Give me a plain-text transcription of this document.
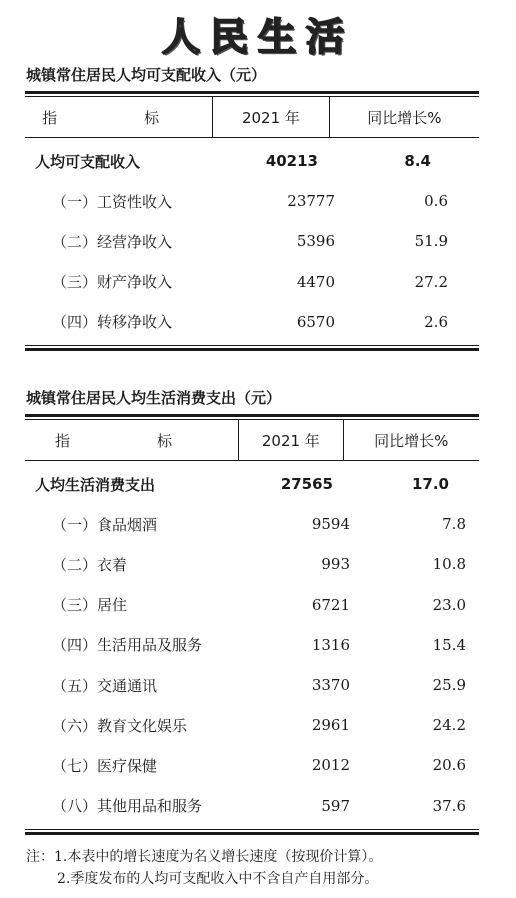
人民生活
城镇常住居民人均可支配收入（元）
指　标	2021 年	同比增长%
人均可支配收入	40213	8.4
（一）工资性收入	23777	0.6
（二）经营净收入	5396	51.9
（三）财产净收入	4470	27.2
（四）转移净收入	6570	2.6
城镇常住居民人均生活消费支出（元）
指　标	2021 年	同比增长%
人均生活消费支出	27565	17.0
（一）食品烟酒	9594	7.8
（二）衣着	993	10.8
（三）居住	6721	23.0
（四）生活用品及服务	1316	15.4
（五）交通通讯	3370	25.9
（六）教育文化娱乐	2961	24.2
（七）医疗保健	2012	20.6
（八）其他用品和服务	597	37.6
注：1.本表中的增长速度为名义增长速度（按现价计算）。
2.季度发布的人均可支配收入中不含自产自用部分。
